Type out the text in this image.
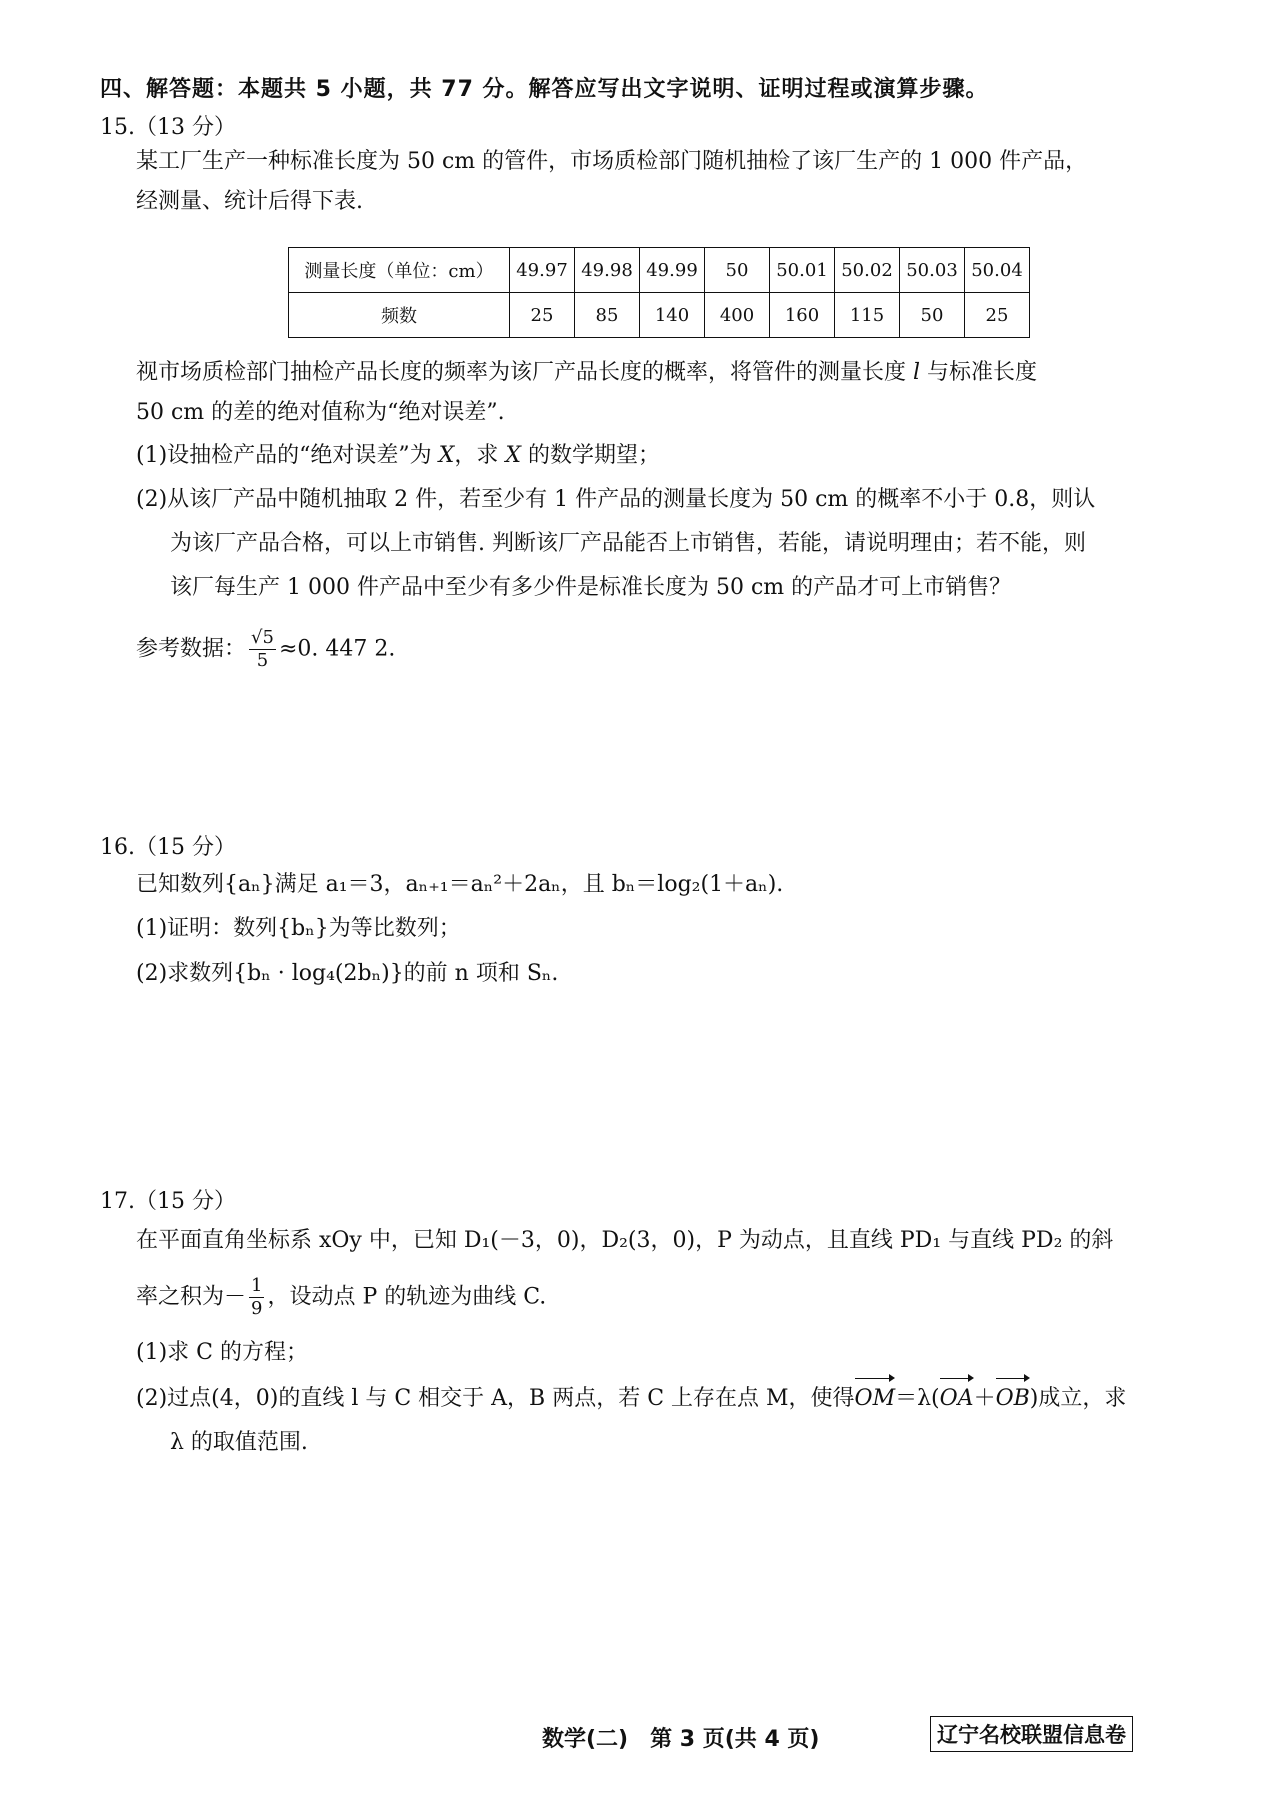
四、解答题：本题共 5 小题，共 77 分。解答应写出文字说明、证明过程或演算步骤。
15.（13 分）
某工厂生产一种标准长度为 50 cm 的管件，市场质检部门随机抽检了该厂生产的 1 000 件产品，
经测量、统计后得下表.
测量长度（单位：cm）	49.97	49.98	49.99	50	50.01	50.02	50.03	50.04
频数	25	85	140	400	160	115	50	25
视市场质检部门抽检产品长度的频率为该厂产品长度的概率，将管件的测量长度 l 与标准长度
50 cm 的差的绝对值称为“绝对误差”.
(1)设抽检产品的“绝对误差”为 X，求 X 的数学期望；
(2)从该厂产品中随机抽取 2 件，若至少有 1 件产品的测量长度为 50 cm 的概率不小于 0.8，则认
为该厂产品合格，可以上市销售. 判断该厂产品能否上市销售，若能，请说明理由；若不能，则
该厂每生产 1 000 件产品中至少有多少件是标准长度为 50 cm 的产品才可上市销售？
参考数据： $\frac{√5}{5} \approx 0$. 447 2.
16.（15 分）
已知数列{aₙ}满足 a₁＝3，aₙ₊₁＝aₙ²＋2aₙ，且 bₙ＝log₂(1＋aₙ).
(1)证明：数列{bₙ}为等比数列；
(2)求数列{bₙ · log₄(2bₙ)}的前 n 项和 Sₙ.
17.（15 分）
在平面直角坐标系 xOy 中，已知 D₁(－3，0)，D₂(3，0)，P 为动点，且直线 PD₁ 与直线 PD₂ 的斜
率之积为－ $\frac{1}{9}$ ，设动点 P 的轨迹为曲线 C.
(1)求 C 的方程；
(2)过点(4，0)的直线 l 与 C 相交于 A，B 两点，若 C 上存在点 M，使得OM＝λ(OA＋OB)成立，求
λ 的取值范围.
数学(二)　第 3 页(共 4 页)	辽宁名校联盟信息卷
